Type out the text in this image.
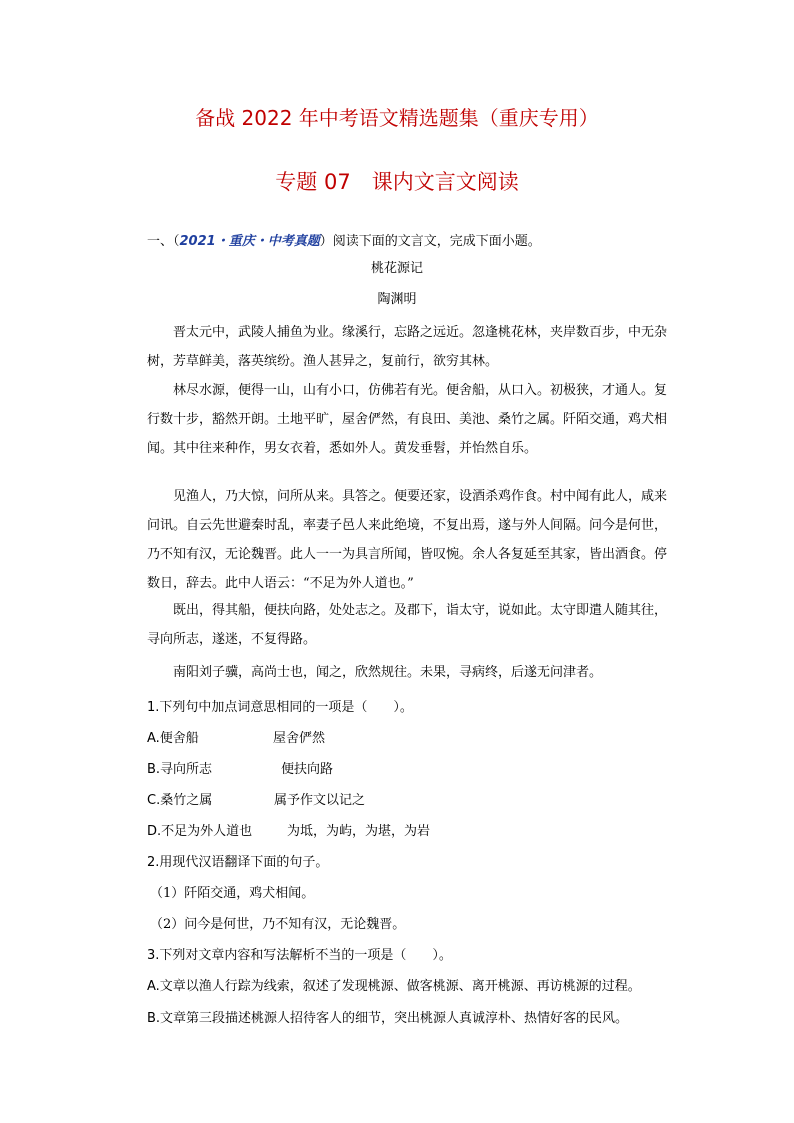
备战 2022 年中考语文精选题集（重庆专用）
专题 07　课内文言文阅读
一、（2021・重庆・中考真题）阅读下面的文言文，完成下面小题。
桃花源记
陶渊明

晋太元中，武陵人捕鱼为业。缘溪行，忘路之远近。忽逢桃花林，夹岸数百步，中无杂树，芳草鲜美，落英缤纷。渔人甚异之，复前行，欲穷其林。

林尽水源，便得一山，山有小口，仿佛若有光。便舍船，从口入。初极狭，才通人。复行数十步，豁然开朗。土地平旷，屋舍俨然，有良田、美池、桑竹之属。阡陌交通，鸡犬相闻。其中往来种作，男女衣着，悉如外人。黄发垂髫，并怡然自乐。

见渔人，乃大惊，问所从来。具答之。便要还家，设酒杀鸡作食。村中闻有此人，咸来问讯。自云先世避秦时乱，率妻子邑人来此绝境，不复出焉，遂与外人间隔。问今是何世，乃不知有汉，无论魏晋。此人一一为具言所闻，皆叹惋。余人各复延至其家，皆出酒食。停数日，辞去。此中人语云：“不足为外人道也。”

既出，得其船，便扶向路，处处志之。及郡下，诣太守，说如此。太守即遣人随其往，寻向所志，遂迷，不复得路。

南阳刘子骥，高尚士也，闻之，欣然规往。未果，寻病终，后遂无问津者。

1.下列句中加点词意思相同的一项是（　　）。
A.便舍船	屋舍俨然
B.寻向所志	便扶向路
C.桑竹之属	属予作文以记之
D.不足为外人道也	为坻，为屿，为堪，为岩
2.用现代汉语翻译下面的句子。
（1）阡陌交通，鸡犬相闻。
（2）问今是何世，乃不知有汉，无论魏晋。
3.下列对文章内容和写法解析不当的一项是（　　）。
A.文章以渔人行踪为线索，叙述了发现桃源、做客桃源、离开桃源、再访桃源的过程。
B.文章第三段描述桃源人招待客人的细节，突出桃源人真诚淳朴、热情好客的民风。
